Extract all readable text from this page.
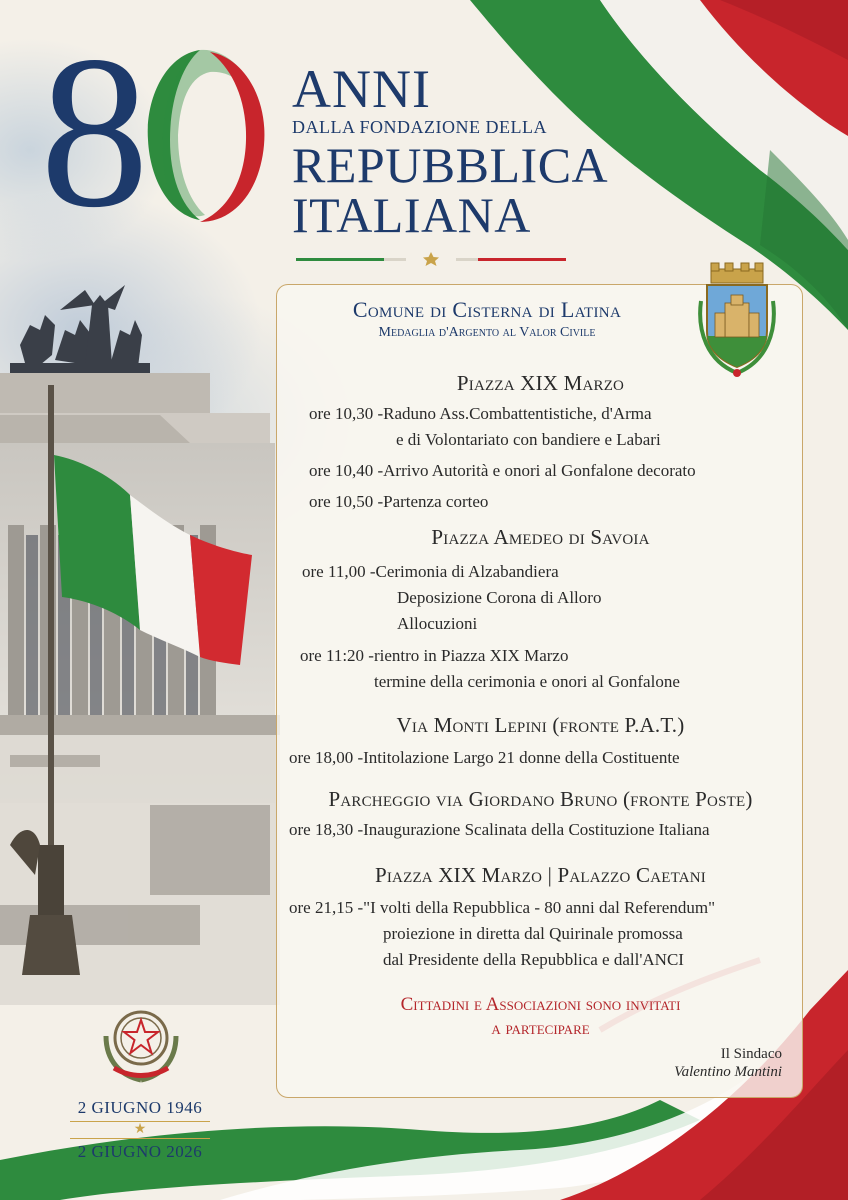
8	ANNI
DALLA FONDAZIONE DELLA
REPUBBLICA
ITALIANA
Comune di Cisterna di Latina
Medaglia d'Argento al Valor Civile
Piazza XIX Marzo
ore 10,30 - Raduno Ass.Combattentistiche, d'Arma
e di Volontariato con bandiere e Labari
ore 10,40 - Arrivo Autorità e onori al Gonfalone decorato
ore 10,50 - Partenza corteo
Piazza Amedeo di Savoia
ore 11,00 - Cerimonia di Alzabandiera
Deposizione Corona di Alloro
Allocuzioni
ore 11:20 - rientro in Piazza XIX Marzo
termine della cerimonia e onori al Gonfalone
Via Monti Lepini (fronte P.A.T.)
ore 18,00 - Intitolazione Largo 21 donne della Costituente
Parcheggio via Giordano Bruno (fronte Poste)
ore 18,30 - Inaugurazione Scalinata della Costituzione Italiana
Piazza XIX Marzo | Palazzo Caetani
ore 21,15 - "I volti della Repubblica - 80 anni dal Referendum"
proiezione in diretta dal Quirinale promossa
dal Presidente della Repubblica e dall'ANCI
Cittadini e Associazioni sono invitati
a partecipare
Il Sindaco
Valentino Mantini
2 GIUGNO 1946
★
2 GIUGNO 2026
